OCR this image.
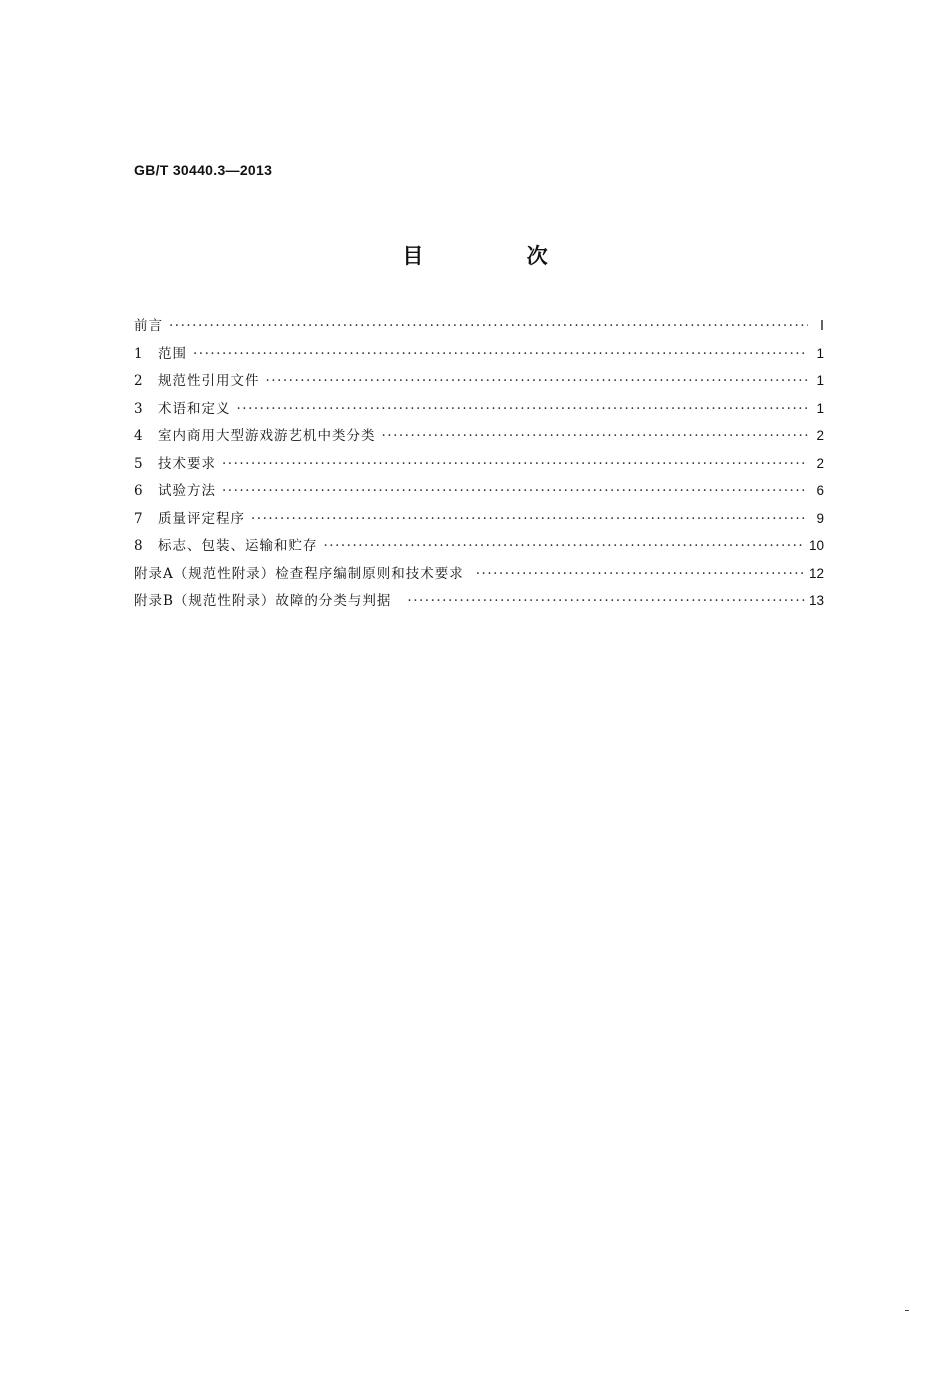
GB/T 30440.3—2013
目 次
前言 ·····	Ⅰ
1	范围 ·····	1
2	规范性引用文件 ·····	1
3	术语和定义 ·····	1
4	室内商用大型游戏游艺机中类分类 ·····	2
5	技术要求 ·····	2
6	试验方法 ·····	6
7	质量评定程序 ·····	9
8	标志、包装、运输和贮存 ·····	10
附录A（规范性附录）检查程序编制原则和技术要求 ·····	12
附录B（规范性附录）故障的分类与判据 ·····	13
